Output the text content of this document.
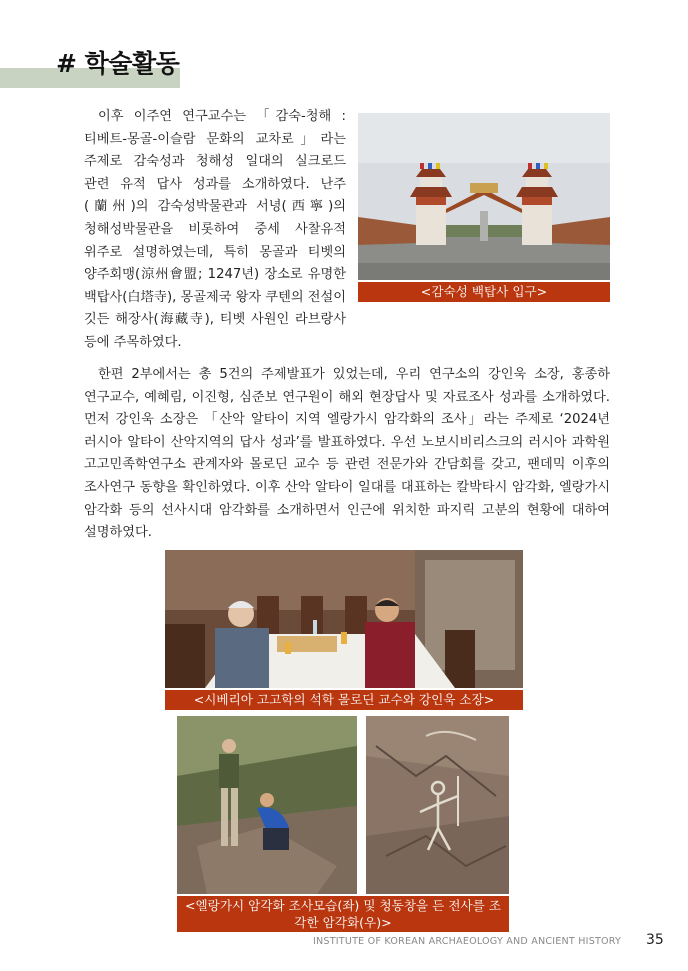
# 학술활동

이후 이주연 연구교수는 「감숙-청해 : 티베트-몽골-이슬람 문화의 교차로」라는 주제로 감숙성과 청해성 일대의 실크로드 관련 유적 답사 성과를 소개하였다. 난주(蘭州)의 감숙성박물관과 서녕(西寧)의 청해성박물관을 비롯하여 중세 사찰유적 위주로 설명하였는데, 특히 몽골과 티벳의 양주회맹(涼州會盟; 1247년) 장소로 유명한 백탑사(白塔寺), 몽골제국 왕자 쿠텐의 전설이 깃든 해장사(海藏寺), 티벳 사원인 라브랑사 등에 주목하였다.

<감숙성 백탑사 입구>

한편 2부에서는 총 5건의 주제발표가 있었는데, 우리 연구소의 강인욱 소장, 홍종하 연구교수, 예혜림, 이진형, 심준보 연구원이 해외 현장답사 및 자료조사 성과를 소개하였다. 먼저 강인욱 소장은 「산악 알타이 지역 엘랑가시 암각화의 조사」라는 주제로 ‘2024년 러시아 알타이 산악지역의 답사 성과’를 발표하였다. 우선 노보시비리스크의 러시아 과학원 고고민족학연구소 관계자와 몰로딘 교수 등 관련 전문가와 간담회를 갖고, 팬데믹 이후의 조사연구 동향을 확인하였다. 이후 산악 알타이 일대를 대표하는 칼박타시 암각화, 엘랑가시 암각화 등의 선사시대 암각화를 소개하면서 인근에 위치한 파지릭 고분의 현황에 대하여 설명하였다.

<시베리아 고고학의 석학 몰로딘 교수와 강인욱 소장>
<엘랑가시 암각화 조사모습(좌) 및 청동창을 든 전사를 조각한 암각화(우)>
INSTITUTE OF KOREAN ARCHAEOLOGY AND ANCIENT HISTORY 35
